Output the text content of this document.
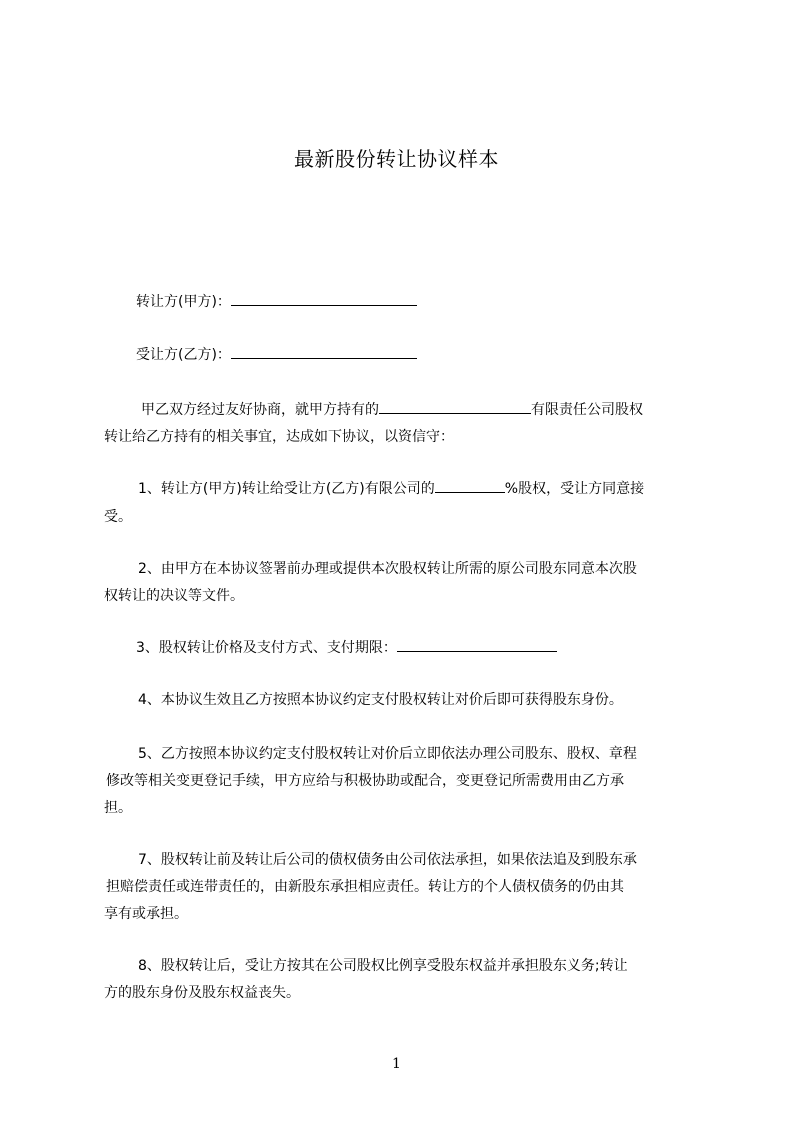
最新股份转让协议样本
转让方(甲方)：
受让方(乙方)：
甲乙双方经过友好协商，就甲方持有的	有限责任公司股权
转让给乙方持有的相关事宜，达成如下协议，以资信守：
1、转让方(甲方)转让给受让方(乙方)有限公司的	%股权，受让方同意接
受。
2、由甲方在本协议签署前办理或提供本次股权转让所需的原公司股东同意本次股
权转让的决议等文件。
3、股权转让价格及支付方式、支付期限：
4、本协议生效且乙方按照本协议约定支付股权转让对价后即可获得股东身份。
5、乙方按照本协议约定支付股权转让对价后立即依法办理公司股东、股权、章程
修改等相关变更登记手续，甲方应给与积极协助或配合，变更登记所需费用由乙方承
担。
7、股权转让前及转让后公司的债权债务由公司依法承担，如果依法追及到股东承
担赔偿责任或连带责任的，由新股东承担相应责任。转让方的个人债权债务的仍由其
享有或承担。
8、股权转让后，受让方按其在公司股权比例享受股东权益并承担股东义务;转让
方的股东身份及股东权益丧失。
1
